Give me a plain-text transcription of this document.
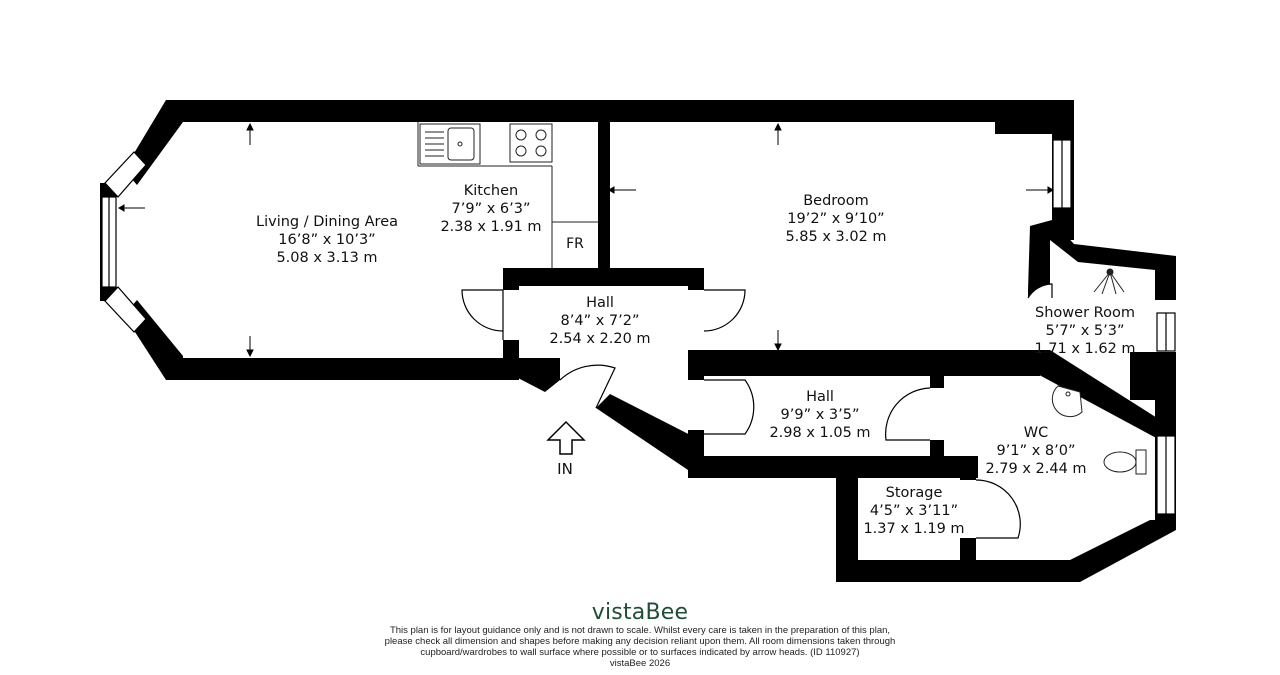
Living / Dining Area
16’8” x 10’3”
5.08 x 3.13 m
Kitchen
7’9” x 6’3”
2.38 x 1.91 m
Bedroom
19’2” x 9’10”
5.85 x 3.02 m
Hall
8’4” x 7’2”
2.54 x 2.20 m
Shower Room
5’7” x 5’3”
1.71 x 1.62 m
Hall
9’9” x 3’5”
2.98 x 1.05 m	WC
9’1” x 8’0”
2.79 x 2.44 m
Storage
4’5” x 3’11”
1.37 x 1.19 m
FR
IN
vistaBee
This plan is for layout guidance only and is not drawn to scale. Whilst every care is taken in the preparation of this plan,
please check all dimension and shapes before making any decision reliant upon them. All room dimensions taken through
cupboard/wardrobes to wall surface where possible or to surfaces indicated by arrow heads. (ID 110927)
vistaBee 2026
